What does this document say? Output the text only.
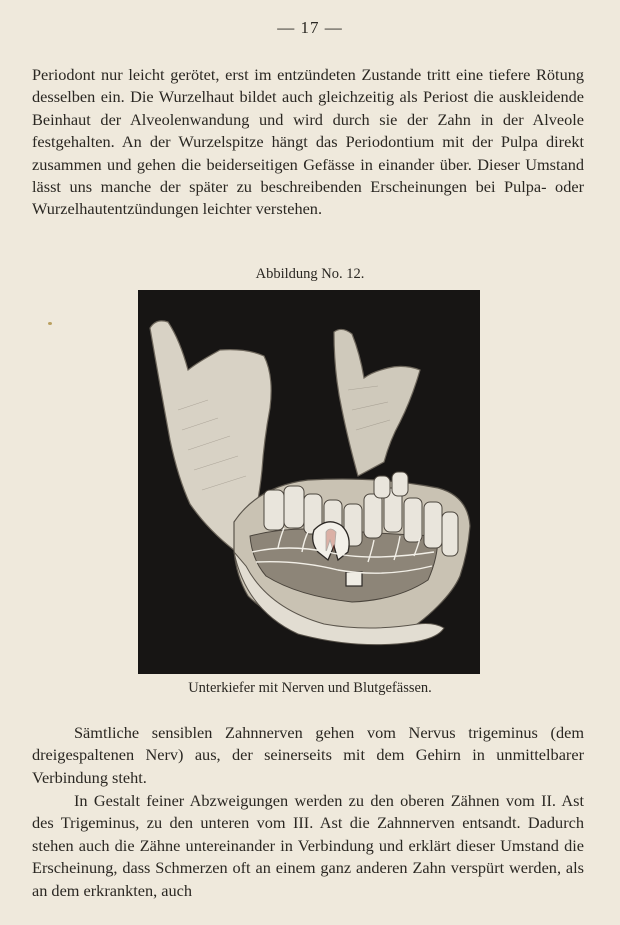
— 17 —

Periodont nur leicht gerötet, erst im entzündeten Zustande tritt eine tiefere Rötung desselben ein. Die Wurzelhaut bildet auch gleichzeitig als Periost die auskleidende Beinhaut der Alveolenwandung und wird durch sie der Zahn in der Alveole festgehalten. An der Wurzelspitze hängt das Periodontium mit der Pulpa direkt zusammen und gehen die beiderseitigen Gefässe in einander über. Dieser Umstand lässt uns manche der später zu beschreibenden Erscheinungen bei Pulpa- oder Wurzelhautentzündungen leichter verstehen.

Abbildung No. 12.
Unterkiefer mit Nerven und Blutgefässen.

Sämtliche sensiblen Zahnnerven gehen vom Nervus trigeminus (dem dreigespaltenen Nerv) aus, der seinerseits mit dem Gehirn in unmittelbarer Verbindung steht.

In Gestalt feiner Abzweigungen werden zu den oberen Zähnen vom II. Ast des Trigeminus, zu den unteren vom III. Ast die Zahnnerven entsandt. Dadurch stehen auch die Zähne untereinander in Verbindung und erklärt dieser Umstand die Erscheinung, dass Schmerzen oft an einem ganz anderen Zahn verspürt werden, als an dem erkrankten, auch
